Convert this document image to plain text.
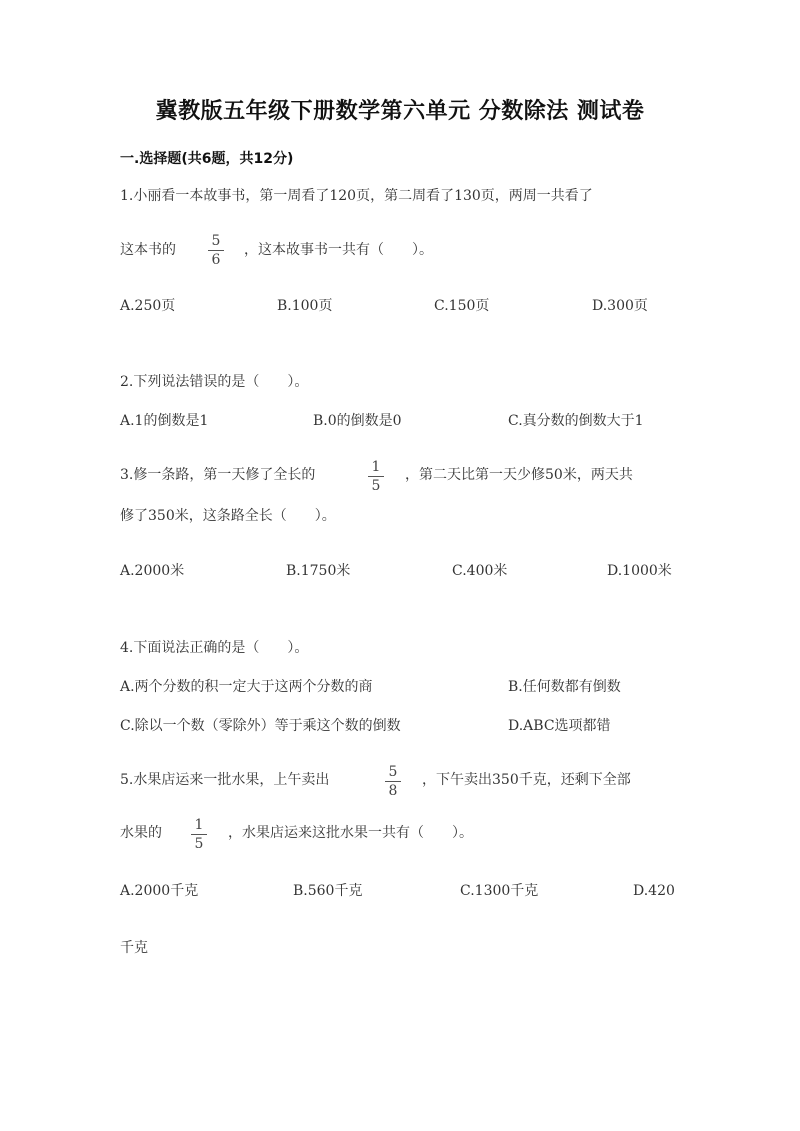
冀教版五年级下册数学第六单元 分数除法 测试卷
一.选择题(共6题，共12分)
1.小丽看一本故事书，第一周看了120页，第二周看了130页，两周一共看了
这本书的
5
6
，这本故事书一共有（　　）。
A.250页	B.100页	C.150页	D.300页
2.下列说法错误的是（　　）。
A.1的倒数是1	B.0的倒数是0	C.真分数的倒数大于1
3.修一条路，第一天修了全长的	1
5
，第二天比第一天少修50米，两天共
修了350米，这条路全长（　　）。
A.2000米	B.1750米	C.400米	D.1000米
4.下面说法正确的是（　　）。
A.两个分数的积一定大于这两个分数的商	B.任何数都有倒数
C.除以一个数（零除外）等于乘这个数的倒数	D.ABC选项都错
5.水果店运来一批水果，上午卖出	5
8
，下午卖出350千克，还剩下全部
水果的	1
5
，水果店运来这批水果一共有（　　）。
A.2000千克	B.560千克	C.1300千克	D.420
千克
